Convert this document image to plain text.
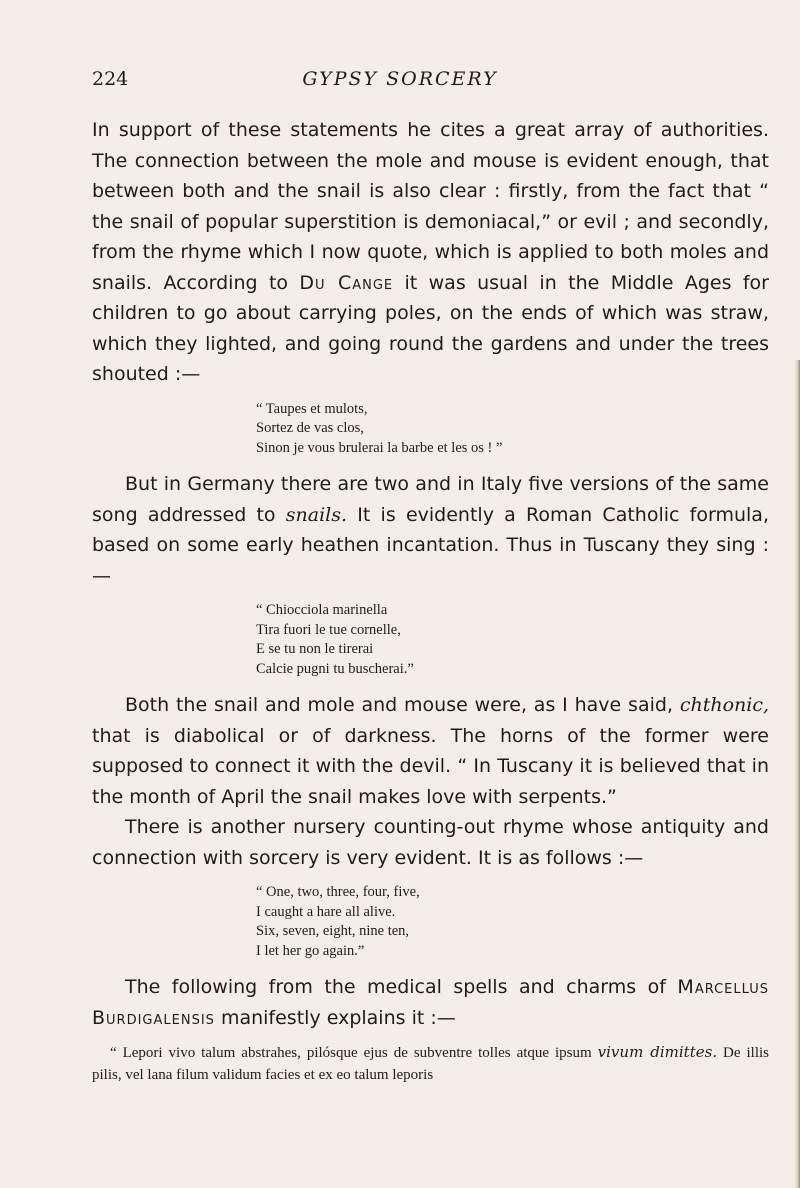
224	GYPSY SORCERY

In support of these statements he cites a great array of authorities. The connection between the mole and mouse is evident enough, that between both and the snail is also clear : firstly, from the fact that “ the snail of popular superstition is demoniacal,” or evil ; and secondly, from the rhyme which I now quote, which is applied to both moles and snails. According to Du Cange it was usual in the Middle Ages for children to go about carrying poles, on the ends of which was straw, which they lighted, and going round the gardens and under the trees shouted :—

“ Taupes et mulots,
Sortez de vas clos,
Sinon je vous brulerai la barbe et les os ! ”

But in Germany there are two and in Italy five versions of the same song addressed to snails. It is evidently a Roman Catholic formula, based on some early heathen incantation. Thus in Tuscany they sing :—

“ Chiocciola marinella
Tira fuori le tue cornelle,
E se tu non le tirerai
Calcie pugni tu buscherai.”

Both the snail and mole and mouse were, as I have said, chthonic, that is diabolical or of darkness. The horns of the former were supposed to connect it with the devil. “ In Tuscany it is believed that in the month of April the snail makes love with serpents.”

There is another nursery counting-out rhyme whose antiquity and connection with sorcery is very evident. It is as follows :—

“ One, two, three, four, five,
I caught a hare all alive.
Six, seven, eight, nine ten,
I let her go again.”

The following from the medical spells and charms of Marcellus Burdigalensis manifestly explains it :—

“ Lepori vivo talum abstrahes, pilósque ejus de subventre tolles atque ipsum vivum dimittes. De illis pilis, vel lana filum validum facies et ex eo talum leporis
